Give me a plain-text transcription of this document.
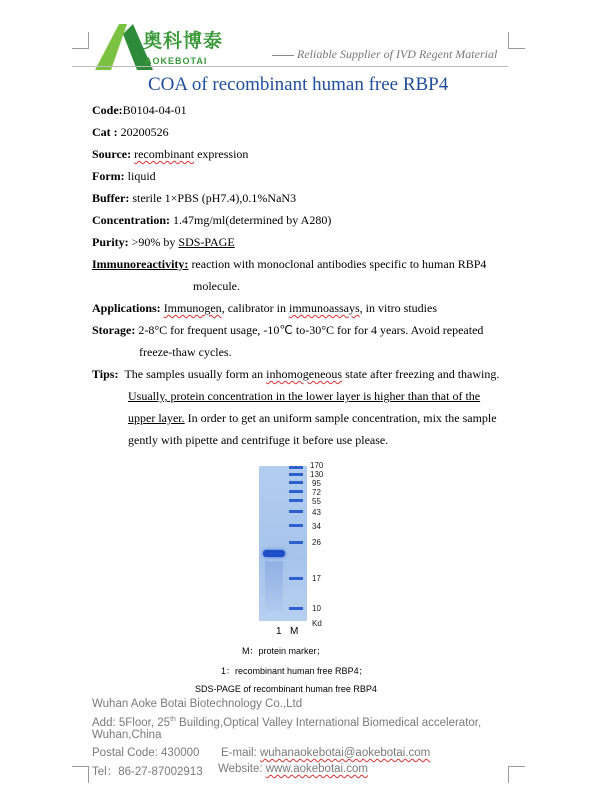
奥科博泰
AOKEBOTAI	Reliable Supplier of IVD Regent Material
COA of recombinant human free RBP4
Code:B0104-04-01
Cat : 20200526
Source: recombinant expression
Form: liquid
Buffer: sterile 1×PBS (pH7.4),0.1%NaN3
Concentration: 1.47mg/ml(determined by A280)
Purity: >90% by SDS-PAGE
Immunoreactivity: reaction with monoclonal antibodies specific to human RBP4
molecule.
Applications: Immunogen, calibrator in immunoassays, in vitro studies
Storage: 2-8°C for frequent usage, -10℃ to-30°C for for 4 years. Avoid repeated
freeze-thaw cycles.
Tips: The samples usually form an inhomogeneous state after freezing and thawing.
Usually, protein concentration in the lower layer is higher than that of the
upper layer. In order to get an uniform sample concentration, mix the sample
gently with pipette and centrifuge it before use please.
170
130
95
72
55
43
34
26
17
10
Kd
1 M
M：protein marker；
1：recombinant human free RBP4；
SDS-PAGE of recombinant human free RBP4
Wuhan Aoke Botai Biotechnology Co.,Ltd
Add: 5Floor, 25th Building,Optical Valley International Biomedical accelerator,
Wuhan,China
Postal Code: 430000 E-mail: wuhanaokebotai@aokebotai.com
Tel：86-27-87002913 Website: www.aokebotai.com
